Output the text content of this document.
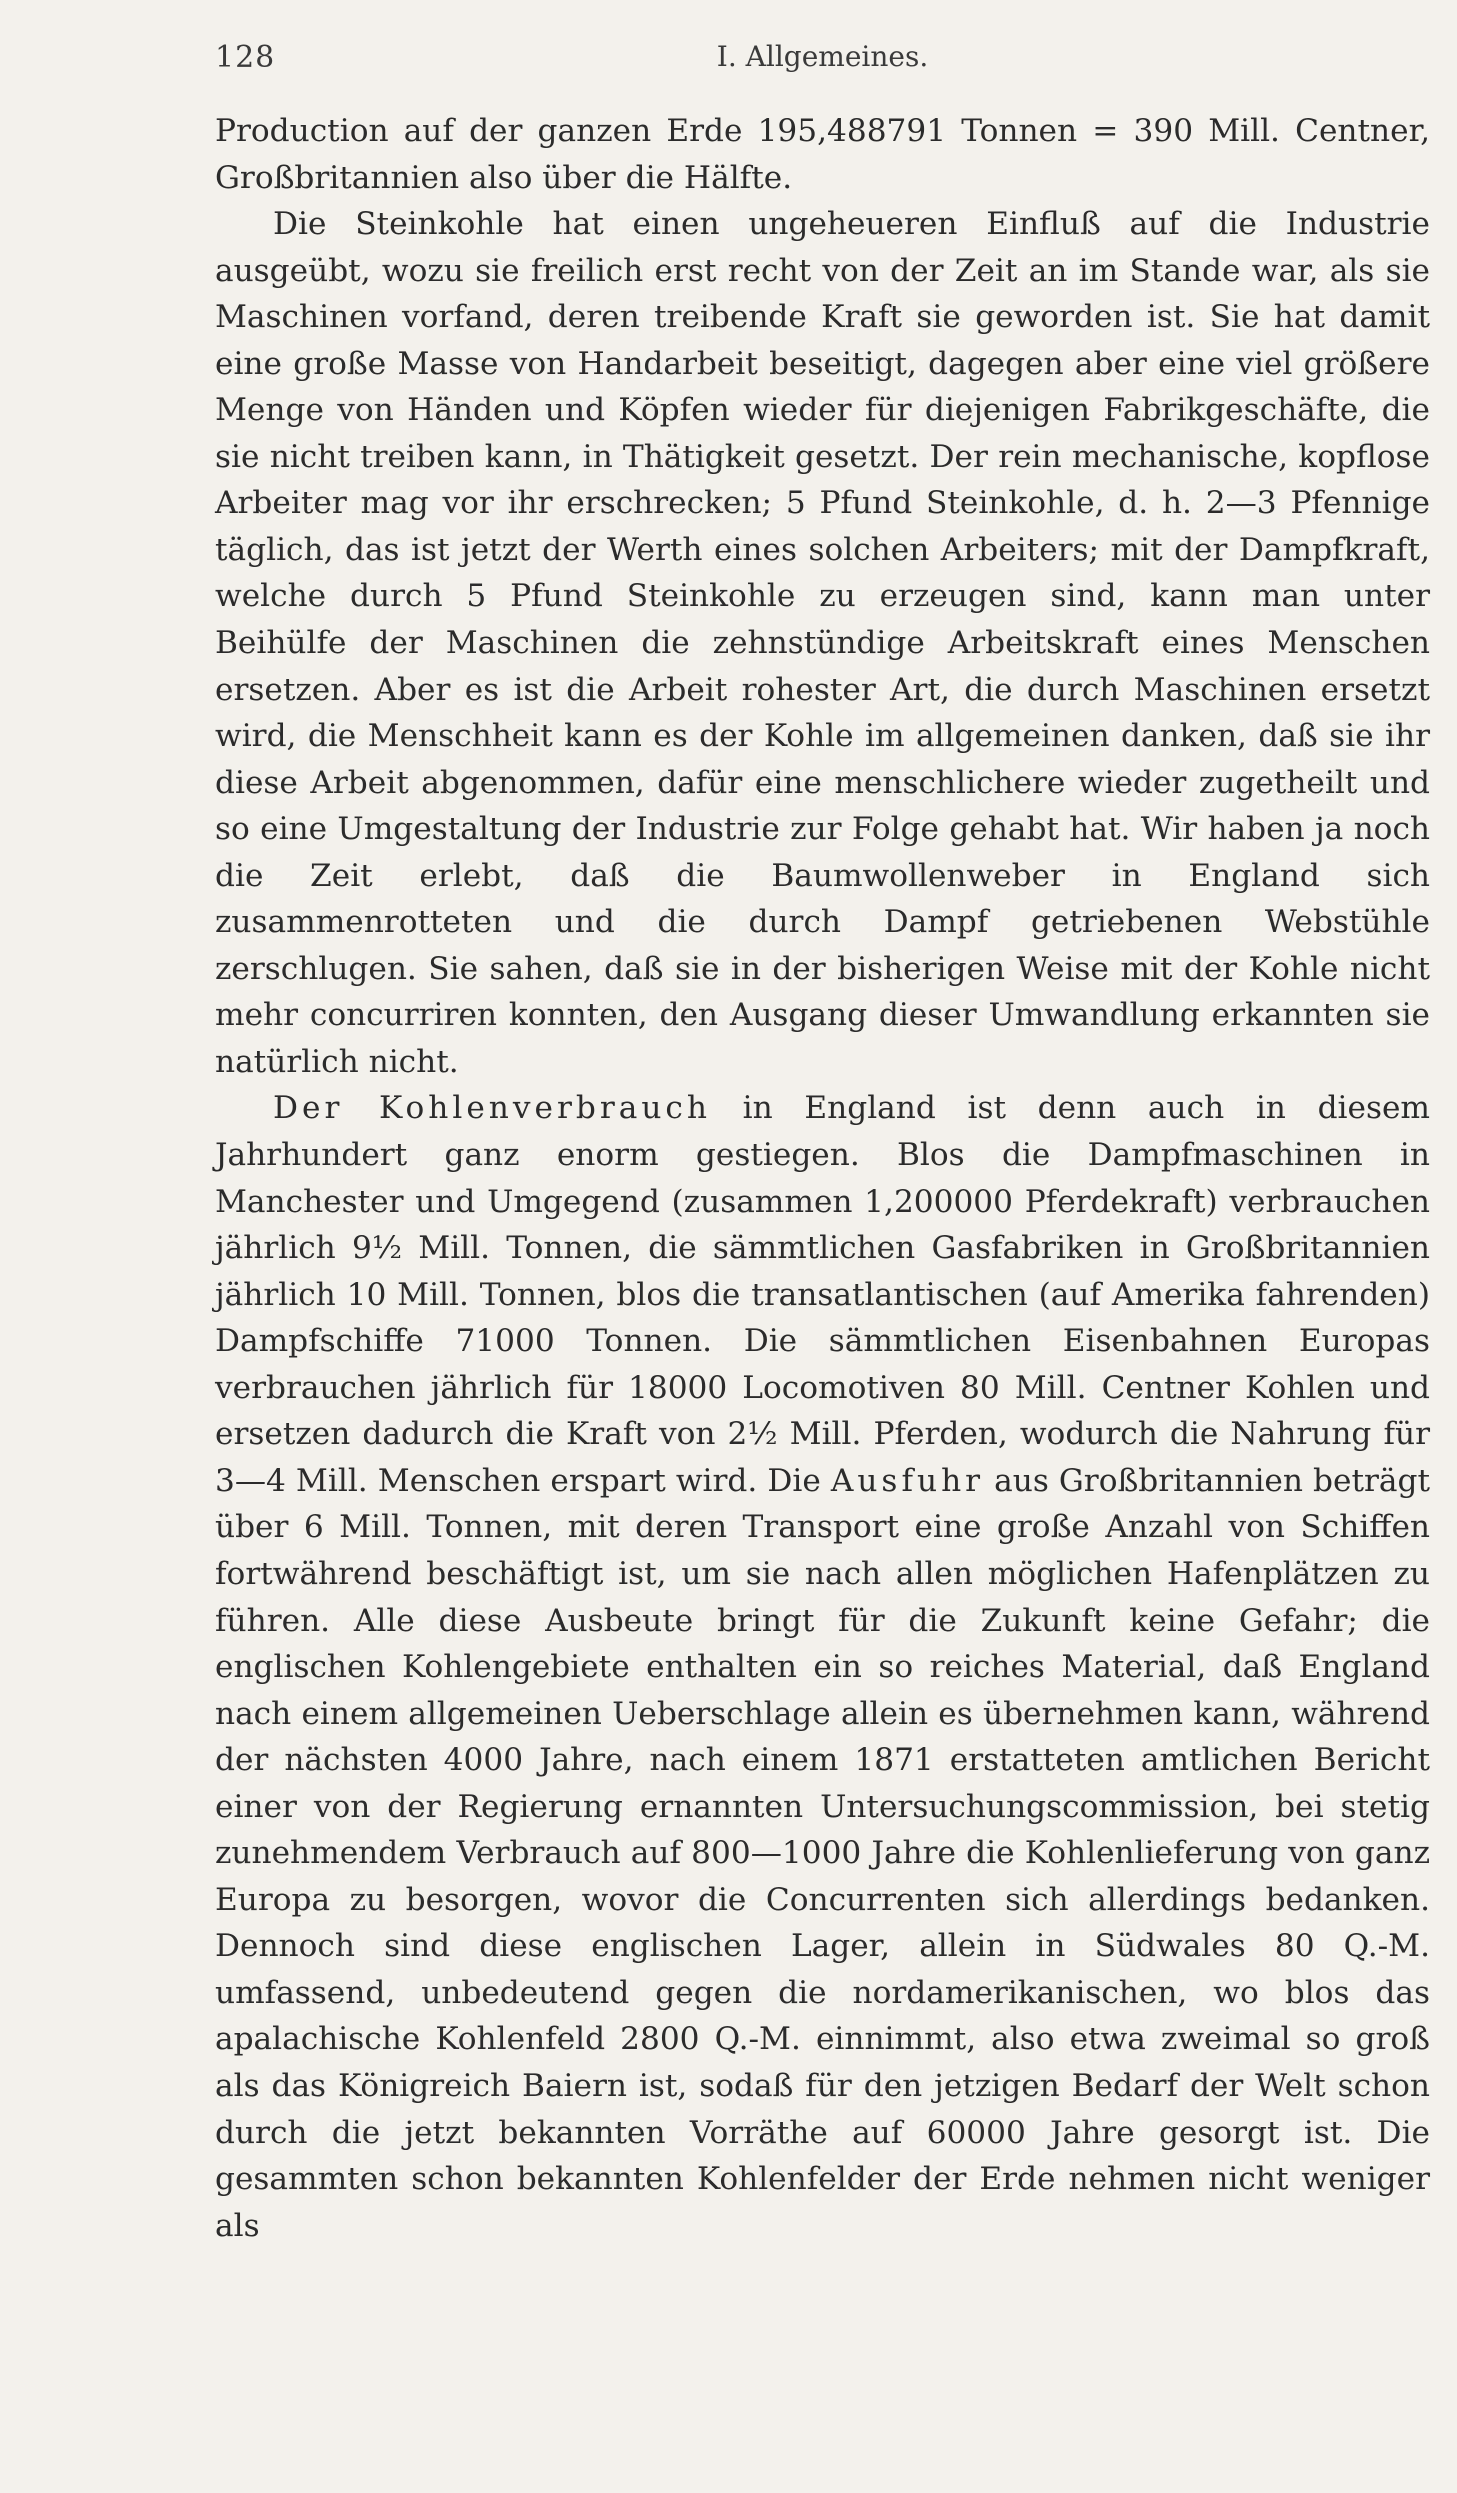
128	I. Allgemeines.

Production auf der ganzen Erde 195,488791 Tonnen = 390 Mill. Centner, Großbritannien also über die Hälfte.

Die Steinkohle hat einen ungeheueren Einfluß auf die Industrie ausgeübt, wozu sie freilich erst recht von der Zeit an im Stande war, als sie Maschinen vorfand, deren treibende Kraft sie geworden ist. Sie hat damit eine große Masse von Handarbeit beseitigt, dagegen aber eine viel größere Menge von Händen und Köpfen wieder für diejenigen Fabrikgeschäfte, die sie nicht treiben kann, in Thätigkeit gesetzt. Der rein mechanische, kopflose Arbeiter mag vor ihr erschrecken; 5 Pfund Steinkohle, d. h. 2—3 Pfennige täglich, das ist jetzt der Werth eines solchen Arbeiters; mit der Dampfkraft, welche durch 5 Pfund Steinkohle zu erzeugen sind, kann man unter Beihülfe der Maschinen die zehnstündige Arbeitskraft eines Menschen ersetzen. Aber es ist die Arbeit rohester Art, die durch Maschinen ersetzt wird, die Menschheit kann es der Kohle im allgemeinen danken, daß sie ihr diese Arbeit abgenommen, dafür eine menschlichere wieder zugetheilt und so eine Umgestaltung der Industrie zur Folge gehabt hat. Wir haben ja noch die Zeit erlebt, daß die Baumwollenweber in England sich zusammenrotteten und die durch Dampf getriebenen Webstühle zerschlugen. Sie sahen, daß sie in der bisherigen Weise mit der Kohle nicht mehr concurriren konnten, den Ausgang dieser Umwandlung erkannten sie natürlich nicht.

Der Kohlenverbrauch in England ist denn auch in diesem Jahrhundert ganz enorm gestiegen. Blos die Dampfmaschinen in Manchester und Umgegend (zusammen 1,200000 Pferdekraft) verbrauchen jährlich 9½ Mill. Tonnen, die sämmtlichen Gasfabriken in Großbritannien jährlich 10 Mill. Tonnen, blos die transatlantischen (auf Amerika fahrenden) Dampfschiffe 71000 Tonnen. Die sämmtlichen Eisenbahnen Europas verbrauchen jährlich für 18000 Locomotiven 80 Mill. Centner Kohlen und ersetzen dadurch die Kraft von 2½ Mill. Pferden, wodurch die Nahrung für 3—4 Mill. Menschen erspart wird. Die Ausfuhr aus Großbritannien beträgt über 6 Mill. Tonnen, mit deren Transport eine große Anzahl von Schiffen fortwährend beschäftigt ist, um sie nach allen möglichen Hafenplätzen zu führen. Alle diese Ausbeute bringt für die Zukunft keine Gefahr; die englischen Kohlengebiete enthalten ein so reiches Material, daß England nach einem allgemeinen Ueberschlage allein es übernehmen kann, während der nächsten 4000 Jahre, nach einem 1871 erstatteten amtlichen Bericht einer von der Regierung ernannten Untersuchungscommission, bei stetig zunehmendem Verbrauch auf 800—1000 Jahre die Kohlenlieferung von ganz Europa zu besorgen, wovor die Concurrenten sich allerdings bedanken. Dennoch sind diese englischen Lager, allein in Südwales 80 Q.-M. umfassend, unbedeutend gegen die nordamerikanischen, wo blos das apalachische Kohlenfeld 2800 Q.-M. einnimmt, also etwa zweimal so groß als das Königreich Baiern ist, sodaß für den jetzigen Bedarf der Welt schon durch die jetzt bekannten Vorräthe auf 60000 Jahre gesorgt ist. Die gesammten schon bekannten Kohlenfelder der Erde nehmen nicht weniger als
